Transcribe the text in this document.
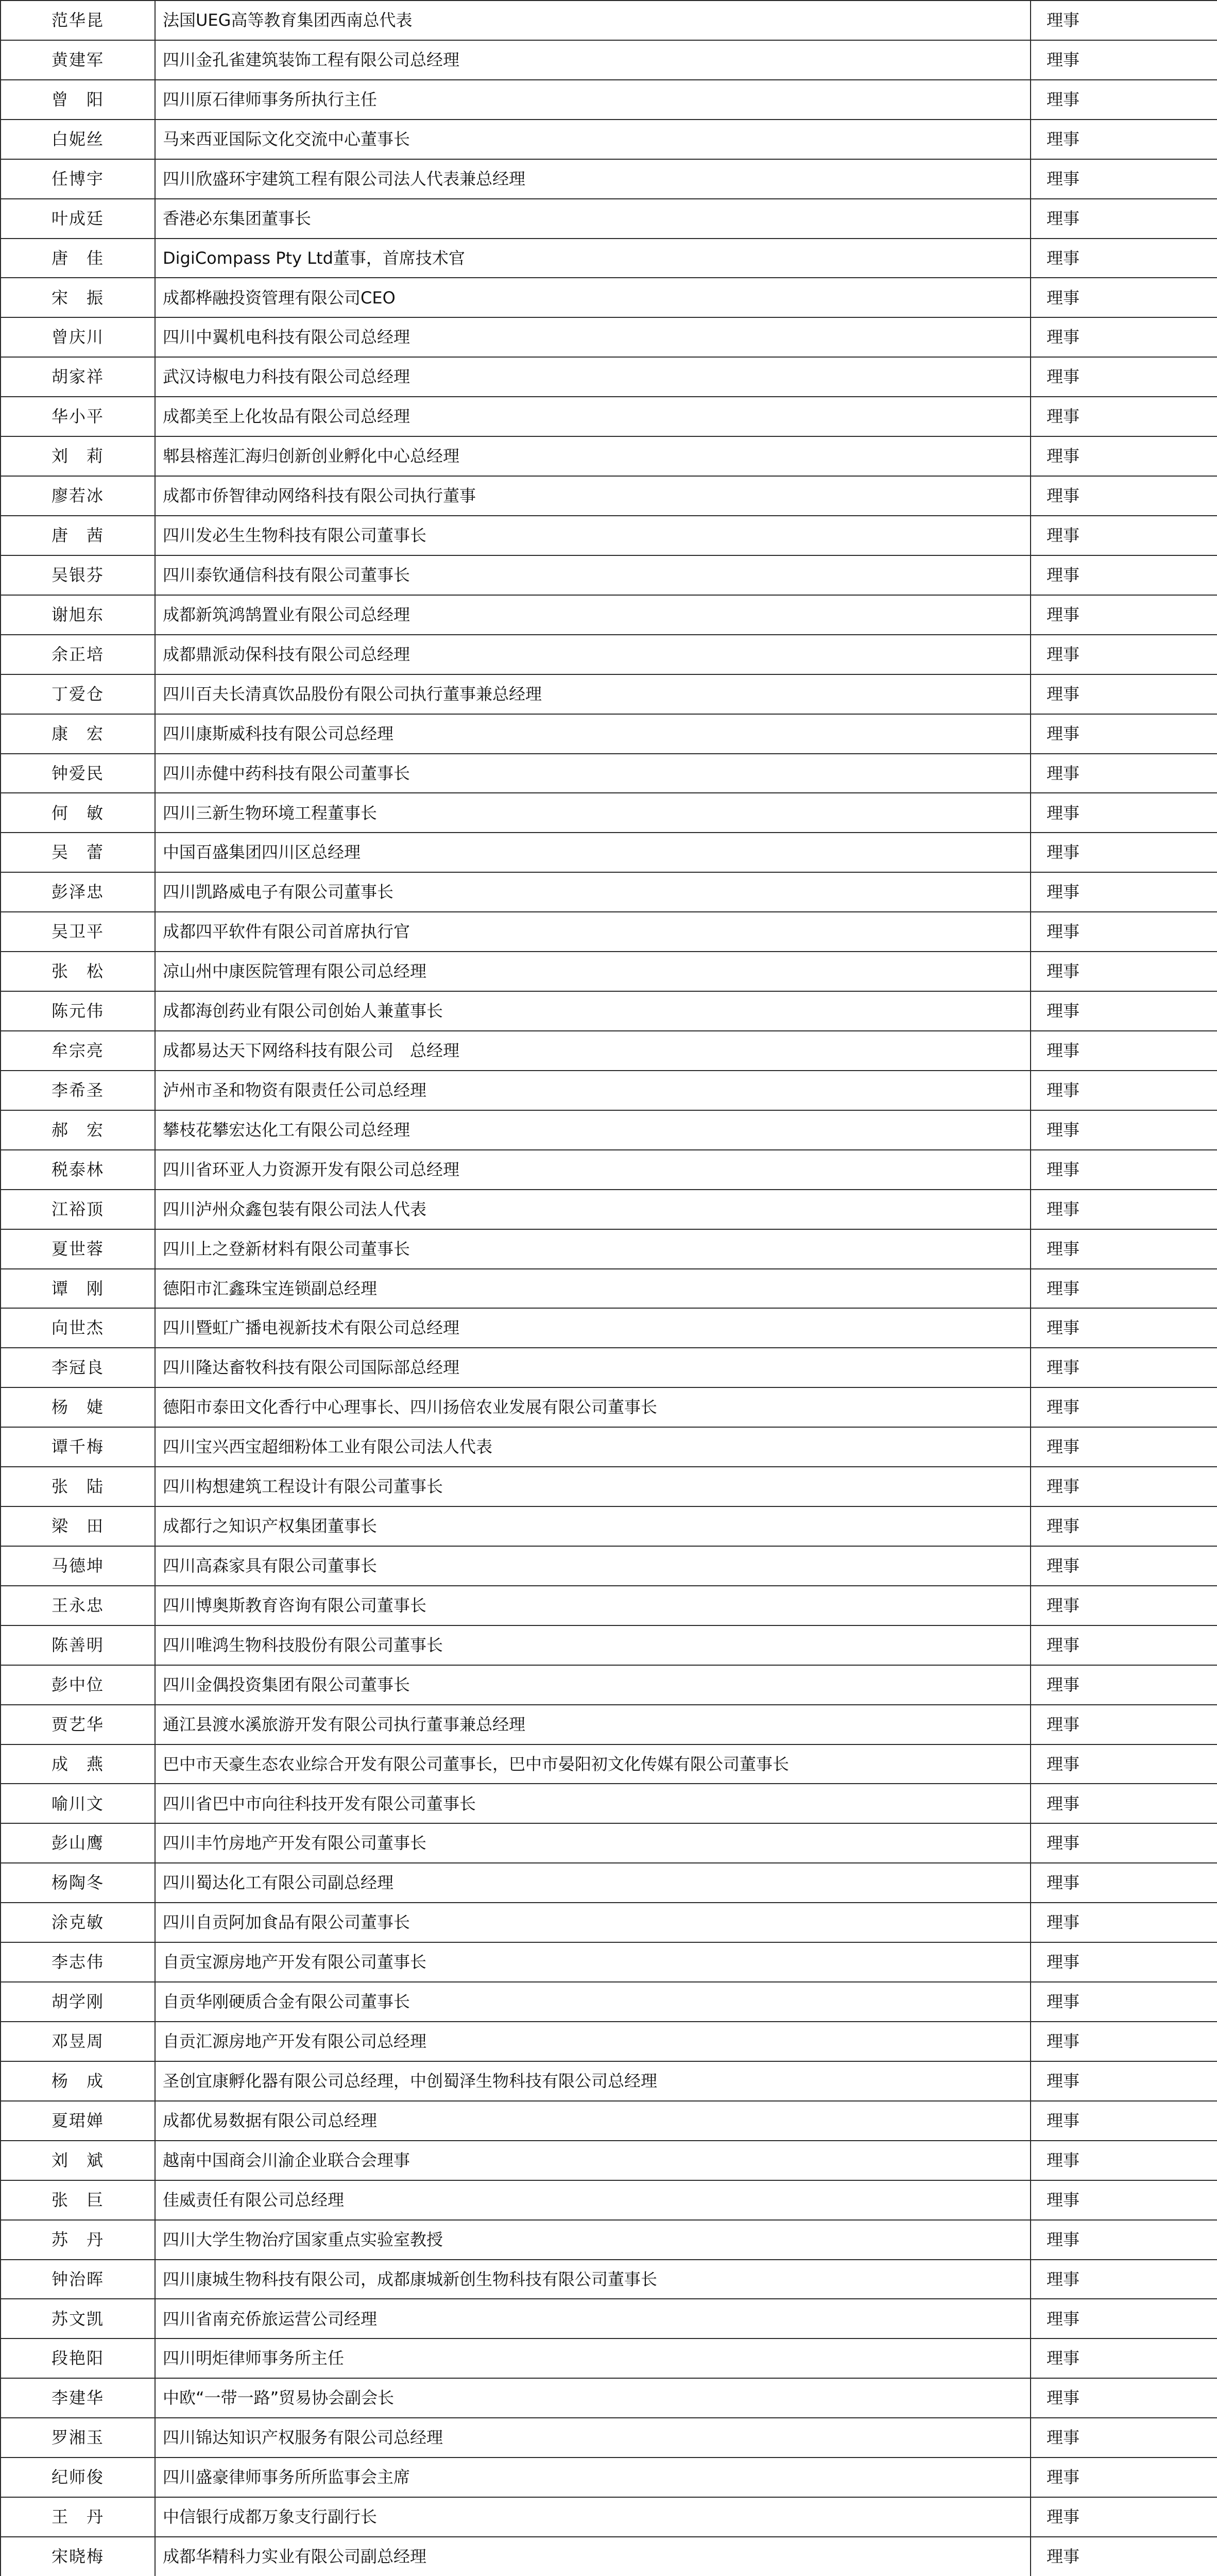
范华昆	法国UEG高等教育集团西南总代表	理事
黄建军	四川金孔雀建筑装饰工程有限公司总经理	理事
曾　阳	四川原石律师事务所执行主任	理事
白妮丝	马来西亚国际文化交流中心董事长	理事
任博宇	四川欣盛环宇建筑工程有限公司法人代表兼总经理	理事
叶成廷	香港必东集团董事长	理事
唐　佳	DigiCompass Pty Ltd董事，首席技术官	理事
宋　振	成都桦融投资管理有限公司CEO	理事
曾庆川	四川中翼机电科技有限公司总经理	理事
胡家祥	武汉诗椒电力科技有限公司总经理	理事
华小平	成都美至上化妆品有限公司总经理	理事
刘　莉	郫县榕莲汇海归创新创业孵化中心总经理	理事
廖若冰	成都市侨智律动网络科技有限公司执行董事	理事
唐　茜	四川发必生生物科技有限公司董事长	理事
吴银芬	四川泰钦通信科技有限公司董事长	理事
谢旭东	成都新筑鸿鹄置业有限公司总经理	理事
余正培	成都鼎派动保科技有限公司总经理	理事
丁爱仓	四川百夫长清真饮品股份有限公司执行董事兼总经理	理事
康　宏	四川康斯威科技有限公司总经理	理事
钟爱民	四川赤健中药科技有限公司董事长	理事
何　敏	四川三新生物环境工程董事长	理事
吴　蕾	中国百盛集团四川区总经理	理事
彭泽忠	四川凯路威电子有限公司董事长	理事
吴卫平	成都四平软件有限公司首席执行官	理事
张　松	凉山州中康医院管理有限公司总经理	理事
陈元伟	成都海创药业有限公司创始人兼董事长	理事
牟宗亮	成都易达天下网络科技有限公司　总经理	理事
李希圣	泸州市圣和物资有限责任公司总经理	理事
郝　宏	攀枝花攀宏达化工有限公司总经理	理事
税泰林	四川省环亚人力资源开发有限公司总经理	理事
江裕顶	四川泸州众鑫包装有限公司法人代表	理事
夏世蓉	四川上之登新材料有限公司董事长	理事
谭　刚	德阳市汇鑫珠宝连锁副总经理	理事
向世杰	四川暨虹广播电视新技术有限公司总经理	理事
李冠良	四川隆达畜牧科技有限公司国际部总经理	理事
杨　婕	德阳市泰田文化香行中心理事长、四川扬倍农业发展有限公司董事长	理事
谭千梅	四川宝兴西宝超细粉体工业有限公司法人代表	理事
张　陆	四川构想建筑工程设计有限公司董事长	理事
梁　田	成都行之知识产权集团董事长	理事
马德坤	四川高森家具有限公司董事长	理事
王永忠	四川博奥斯教育咨询有限公司董事长	理事
陈善明	四川唯鸿生物科技股份有限公司董事长	理事
彭中位	四川金偶投资集团有限公司董事长	理事
贾艺华	通江县渡水溪旅游开发有限公司执行董事兼总经理	理事
成　燕	巴中市天豪生态农业综合开发有限公司董事长，巴中市晏阳初文化传媒有限公司董事长	理事
喻川文	四川省巴中市向往科技开发有限公司董事长	理事
彭山鹰	四川丰竹房地产开发有限公司董事长	理事
杨陶冬	四川蜀达化工有限公司副总经理	理事
涂克敏	四川自贡阿加食品有限公司董事长	理事
李志伟	自贡宝源房地产开发有限公司董事长	理事
胡学刚	自贡华刚硬质合金有限公司董事长	理事
邓昱周	自贡汇源房地产开发有限公司总经理	理事
杨　成	圣创宜康孵化器有限公司总经理，中创蜀泽生物科技有限公司总经理	理事
夏珺婵	成都优易数据有限公司总经理	理事
刘　斌	越南中国商会川渝企业联合会理事	理事
张　巨	佳威责任有限公司总经理	理事
苏　丹	四川大学生物治疗国家重点实验室教授	理事
钟治晖	四川康城生物科技有限公司，成都康城新创生物科技有限公司董事长	理事
苏文凯	四川省南充侨旅运营公司经理	理事
段艳阳	四川明炬律师事务所主任	理事
李建华	中欧“一带一路”贸易协会副会长	理事
罗湘玉	四川锦达知识产权服务有限公司总经理	理事
纪师俊	四川盛豪律师事务所所监事会主席	理事
王　丹	中信银行成都万象支行副行长	理事
宋晓梅	成都华精科力实业有限公司副总经理	理事
